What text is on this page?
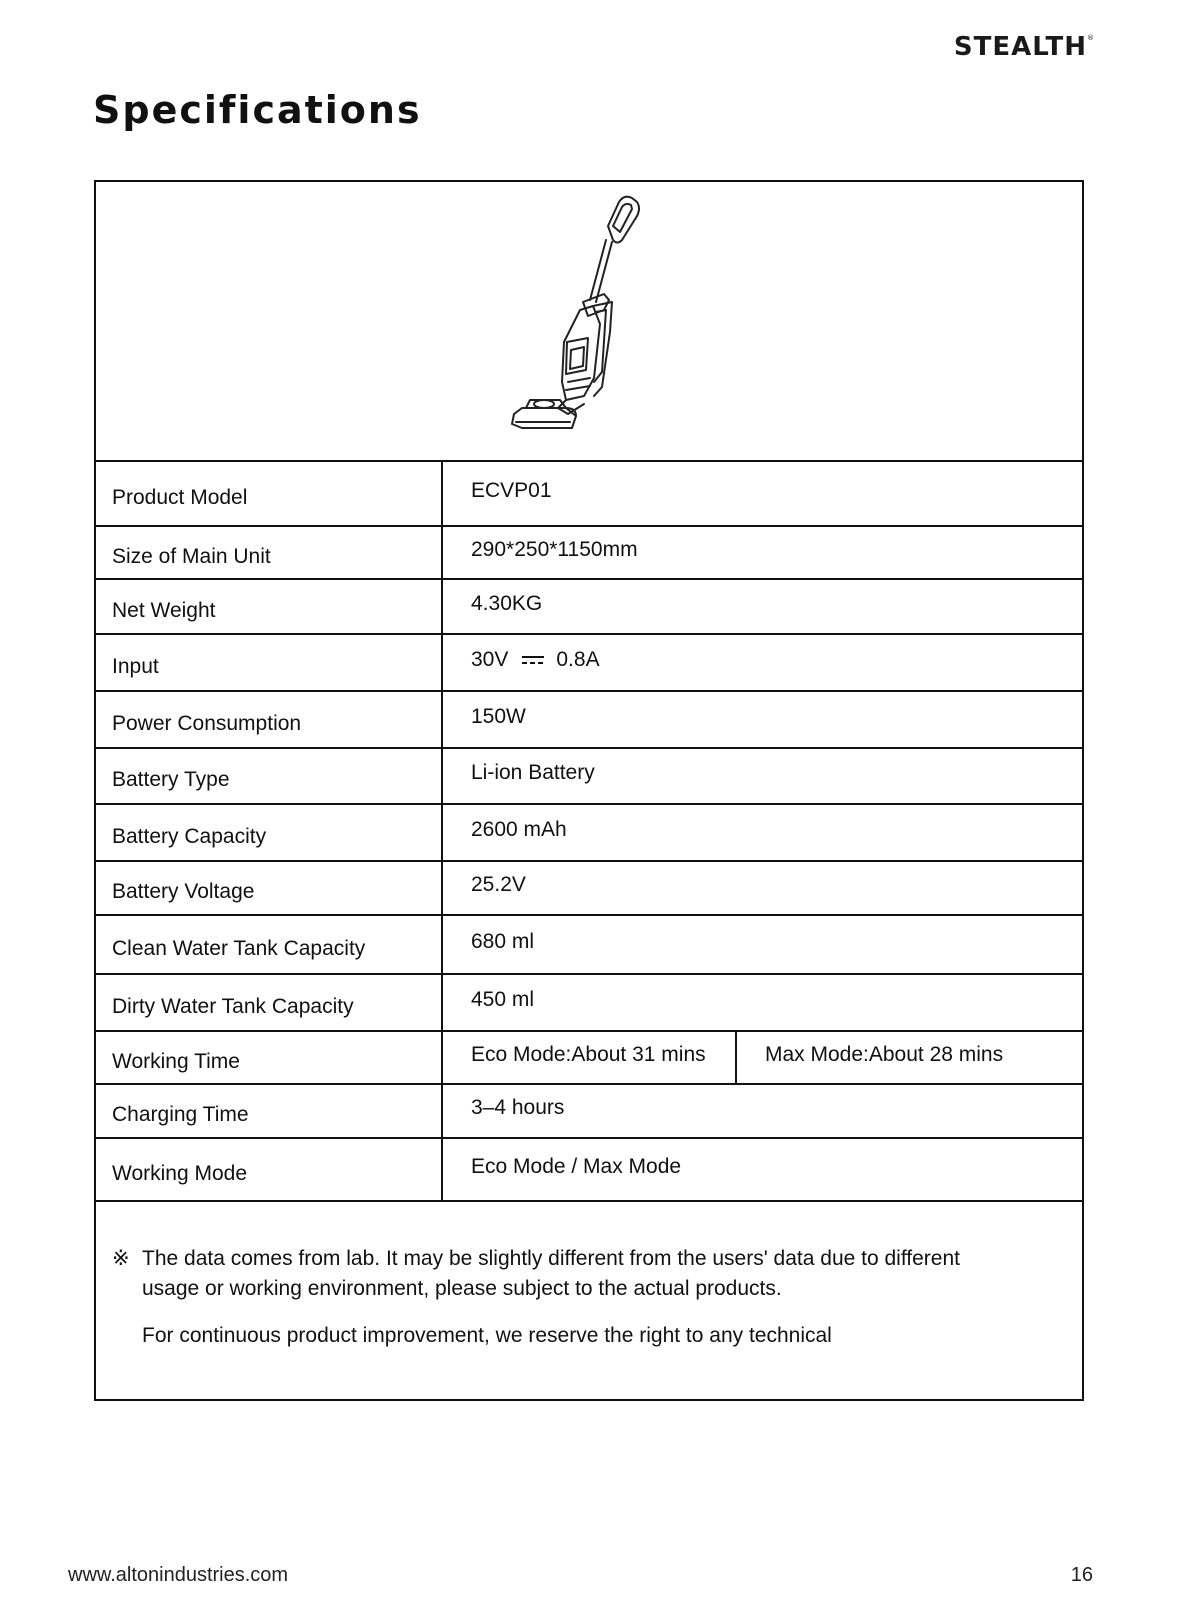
STEALTH®
Specifications
Product Model	ECVP01	
Size of Main Unit	290*250*1150mm	
Net Weight	4.30KG	
Input	30V 0.8A	
Power Consumption	150W	
Battery Type	Li-ion Battery	
Battery Capacity	2600 mAh	
Battery Voltage	25.2V	
Clean Water Tank Capacity	680 ml	
Dirty Water Tank Capacity	450 ml	
Working Time	Eco Mode:About 31 mins	Max Mode:About 28 mins
Charging Time	3–4 hours	
Working Mode	Eco Mode / Max Mode	

※ The data comes from lab. It may be slightly different from the users' data due to different

usage or working environment, please subject to the actual products.

For continuous product improvement, we reserve the right to any technical

www.altonindustries.com	16
